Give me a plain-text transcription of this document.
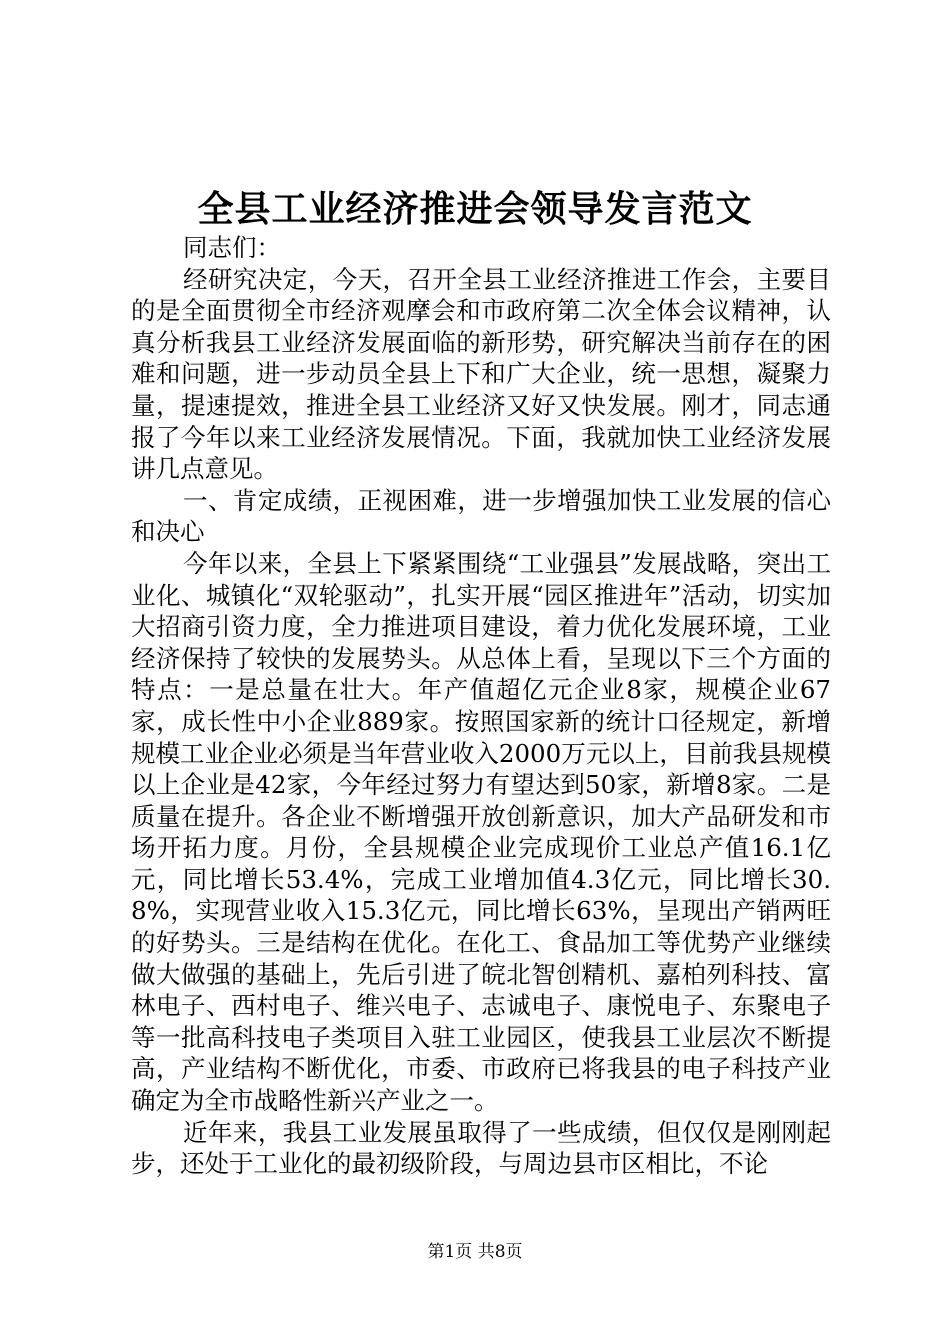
全县工业经济推进会领导发言范文

同志们：

经研究决定，今天，召开全县工业经济推进工作会，主要目的是全面贯彻全市经济观摩会和市政府第二次全体会议精神，认真分析我县工业经济发展面临的新形势，研究解决当前存在的困难和问题，进一步动员全县上下和广大企业，统一思想，凝聚力量，提速提效，推进全县工业经济又好又快发展。刚才，同志通报了今年以来工业经济发展情况。下面，我就加快工业经济发展讲几点意见。

一、肯定成绩，正视困难，进一步增强加快工业发展的信心和决心

今年以来，全县上下紧紧围绕“工业强县”发展战略，突出工业化、城镇化“双轮驱动”，扎实开展“园区推进年”活动，切实加大招商引资力度，全力推进项目建设，着力优化发展环境，工业经济保持了较快的发展势头。从总体上看，呈现以下三个方面的特点：一是总量在壮大。年产值超亿元企业8家，规模企业67家，成长性中小企业889家。按照国家新的统计口径规定，新增规模工业企业必须是当年营业收入2000万元以上，目前我县规模以上企业是42家，今年经过努力有望达到50家，新增8家。二是质量在提升。各企业不断增强开放创新意识，加大产品研发和市场开拓力度。月份，全县规模企业完成现价工业总产值16.1亿元，同比增长53.4%，完成工业增加值4.3亿元，同比增长30.8%，实现营业收入15.3亿元，同比增长63%，呈现出产销两旺的好势头。三是结构在优化。在化工、食品加工等优势产业继续做大做强的基础上，先后引进了皖北智创精机、嘉柏列科技、富林电子、西村电子、维兴电子、志诚电子、康悦电子、东聚电子等一批高科技电子类项目入驻工业园区，使我县工业层次不断提高，产业结构不断优化，市委、市政府已将我县的电子科技产业确定为全市战略性新兴产业之一。

近年来，我县工业发展虽取得了一些成绩，但仅仅是刚刚起步，还处于工业化的最初级阶段，与周边县市区相比，不论

第1页 共8页
